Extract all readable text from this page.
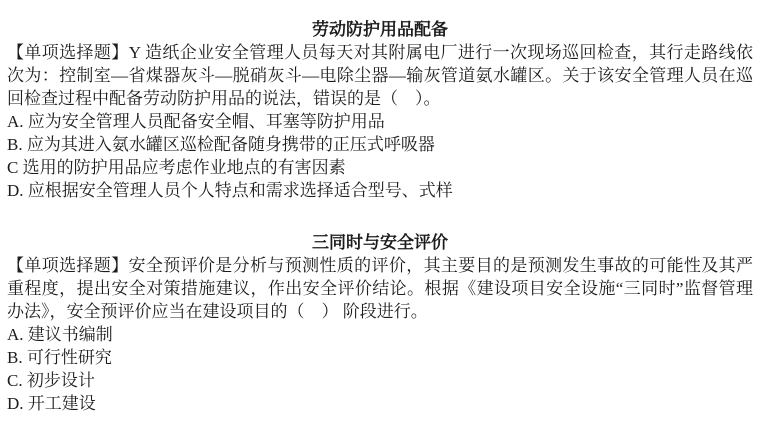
劳动防护用品配备

【单项选择题】Y 造纸企业安全管理人员每天对其附属电厂进行一次现场巡回检查，其行走路线依次为：控制室—省煤器灰斗—脱硝灰斗—电除尘器—输灰管道氨水罐区。关于该安全管理人员在巡回检查过程中配备劳动防护用品的说法，错误的是（　）。

A. 应为安全管理人员配备安全帽、耳塞等防护用品
B. 应为其进入氨水罐区巡检配备随身携带的正压式呼吸器
C 选用的防护用品应考虑作业地点的有害因素
D. 应根据安全管理人员个人特点和需求选择适合型号、式样
三同时与安全评价

【单项选择题】安全预评价是分析与预测性质的评价，其主要目的是预测发生事故的可能性及其严重程度，提出安全对策措施建议，作出安全评价结论。根据《建设项目安全设施“三同时”监督管理办法》，安全预评价应当在建设项目的（　） 阶段进行。

A. 建议书编制
B. 可行性研究
C. 初步设计
D. 开工建设
